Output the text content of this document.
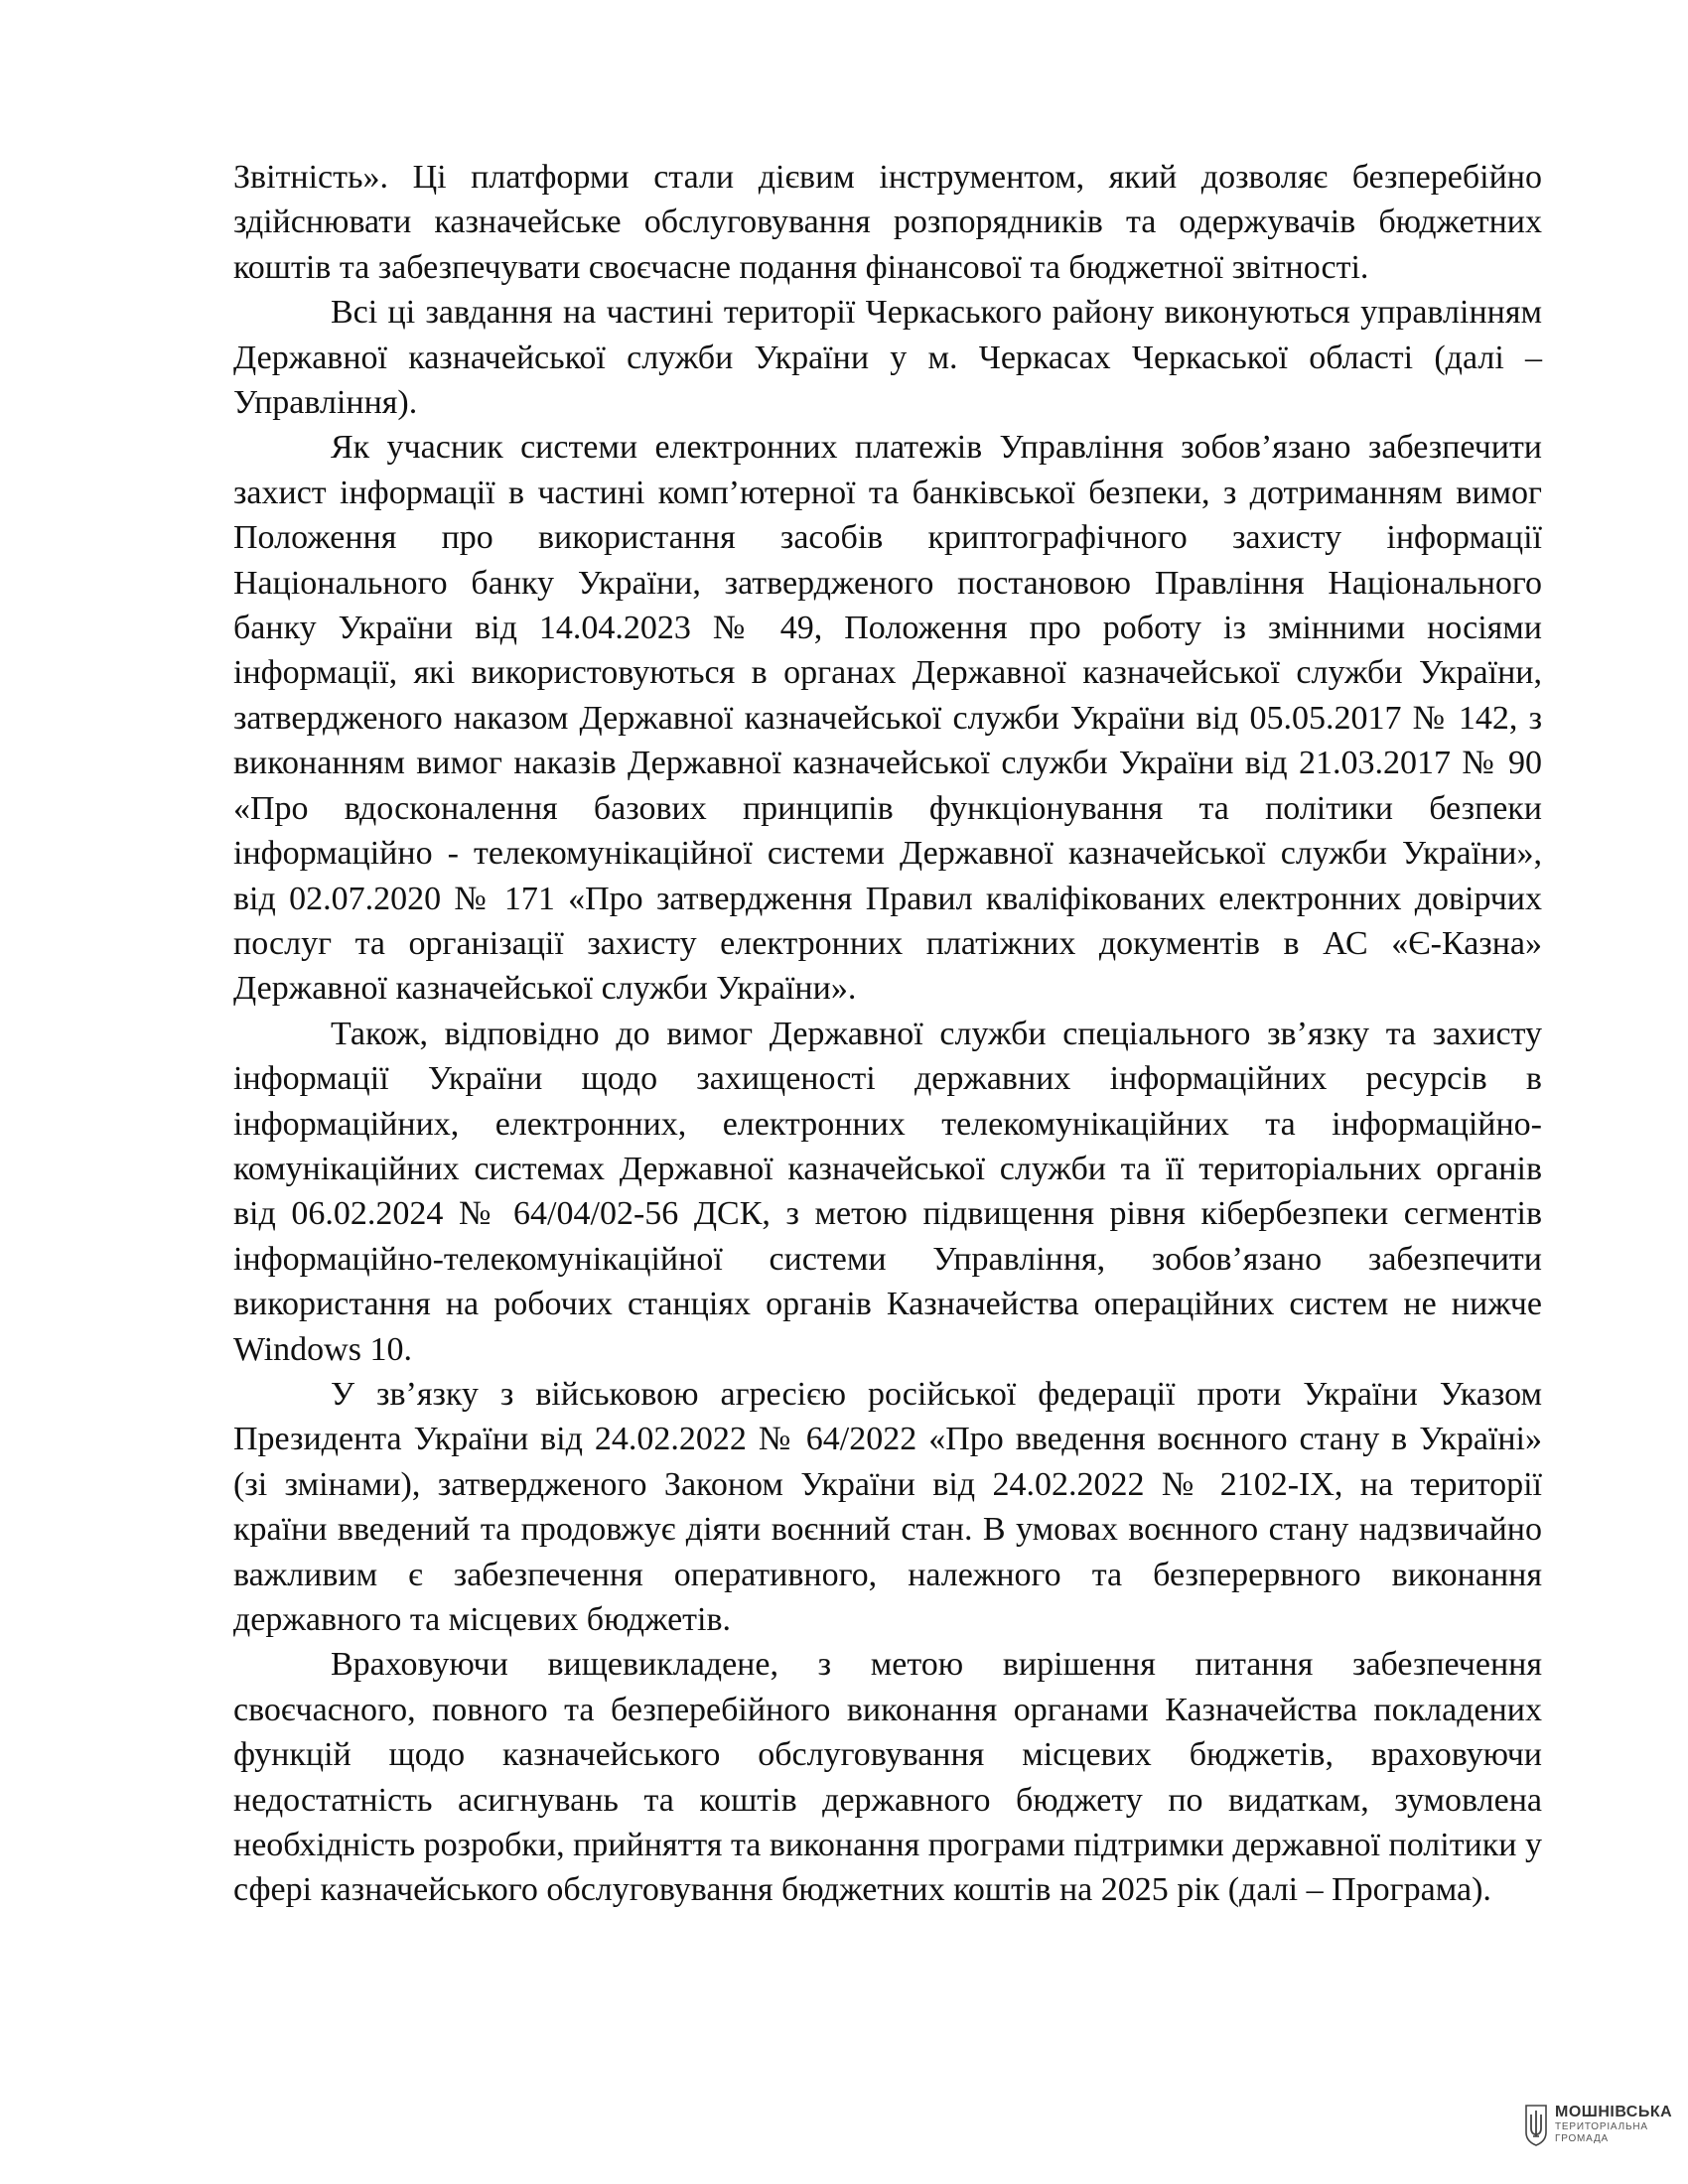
Звітність». Ці платформи стали дієвим інструментом, який дозволяє безперебійно здійснювати казначейське обслуговування розпорядників та одержувачів бюджетних коштів та забезпечувати своєчасне подання фінансової та бюджетної звітності.

Всі ці завдання на частині території Черкаського району виконуються управлінням Державної казначейської служби України у м. Черкасах Черкаської області (далі – Управління).

Як учасник системи електронних платежів Управління зобов’язано забезпечити захист інформації в частині комп’ютерної та банківської безпеки, з дотриманням вимог Положення про використання засобів криптографічного захисту інформації Національного банку України, затвердженого постановою Правління Національного банку України від 14.04.2023 № 49, Положення про роботу із змінними носіями інформації, які використовуються в органах Державної казначейської служби України, затвердженого наказом Державної казначейської служби України від 05.05.2017 № 142, з виконанням вимог наказів Державної казначейської служби України від 21.03.2017 № 90 «Про вдосконалення базових принципів функціонування та політики безпеки інформаційно - телекомунікаційної системи Державної казначейської служби України», від 02.07.2020 № 171 «Про затвердження Правил кваліфікованих електронних довірчих послуг та організації захисту електронних платіжних документів в АС «Є-Казна» Державної казначейської служби України».

Також, відповідно до вимог Державної служби спеціального зв’язку та захисту інформації України щодо захищеності державних інформаційних ресурсів в інформаційних, електронних, електронних телекомунікаційних та інформаційно-комунікаційних системах Державної казначейської служби та її територіальних органів від 06.02.2024 № 64/04/02-56 ДСК, з метою підвищення рівня кібербезпеки сегментів інформаційно-телекомунікаційної системи Управління, зобов’язано забезпечити використання на робочих станціях органів Казначейства операційних систем не нижче Windows 10.

У зв’язку з військовою агресією російської федерації проти України Указом Президента України від 24.02.2022 № 64/2022 «Про введення воєнного стану в Україні» (зі змінами), затвердженого Законом України від 24.02.2022 № 2102-IX, на території країни введений та продовжує діяти воєнний стан. В умовах воєнного стану надзвичайно важливим є забезпечення оперативного, належного та безперервного виконання державного та місцевих бюджетів.

Враховуючи вищевикладене, з метою вирішення питання забезпечення своєчасного, повного та безперебійного виконання органами Казначейства покладених функцій щодо казначейського обслуговування місцевих бюджетів, враховуючи недостатність асигнувань та коштів державного бюджету по видаткам, зумовлена необхідність розробки, прийняття та виконання програми підтримки державної політики у сфері казначейського обслуговування бюджетних коштів на 2025 рік (далі – Програма).

МОШНІВСЬКА
ТЕРИТОРІАЛЬНА
ГРОМАДА
